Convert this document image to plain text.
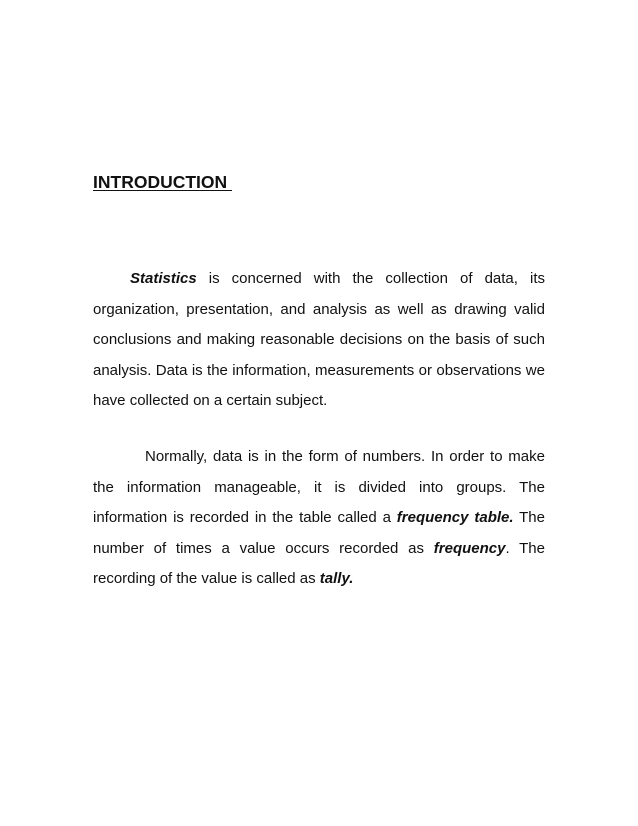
INTRODUCTION

Statistics is concerned with the collection of data, its organization, presentation, and analysis as well as drawing valid conclusions and making reasonable decisions on the basis of such analysis. Data is the information, measurements or observations we have collected on a certain subject.

Normally, data is in the form of numbers. In order to make the information manageable, it is divided into groups. The information is recorded in the table called a frequency table. The number of times a value occurs recorded as frequency. The recording of the value is called as tally.
